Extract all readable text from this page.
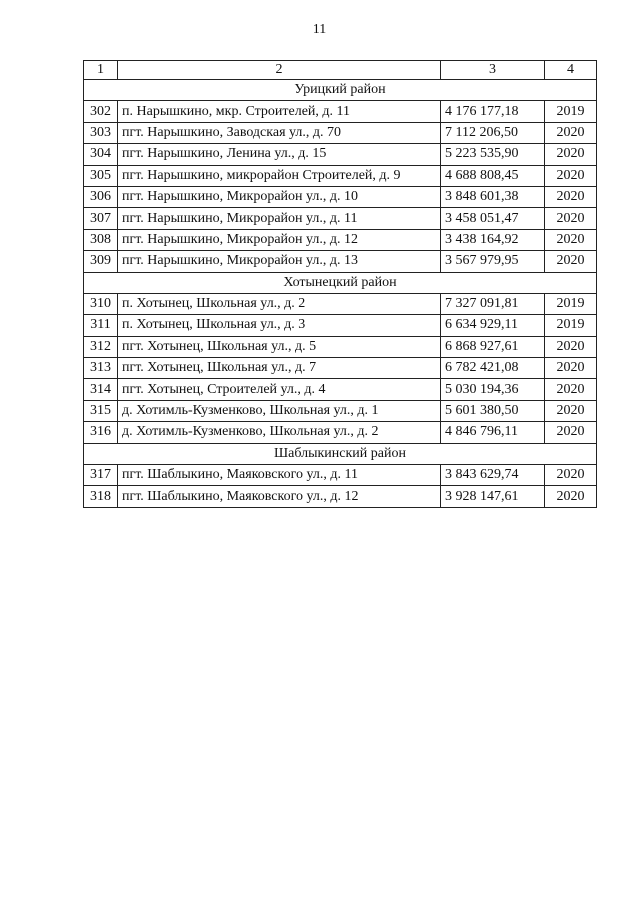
11
1	2	3	4
Урицкий район			
302	п. Нарышкино, мкр. Строителей, д. 11	4 176 177,18	2019
303	пгт. Нарышкино, Заводская ул., д. 70	7 112 206,50	2020
304	пгт. Нарышкино, Ленина ул., д. 15	5 223 535,90	2020
305	пгт. Нарышкино, микрорайон Строителей, д. 9	4 688 808,45	2020
306	пгт. Нарышкино, Микрорайон ул., д. 10	3 848 601,38	2020
307	пгт. Нарышкино, Микрорайон ул., д. 11	3 458 051,47	2020
308	пгт. Нарышкино, Микрорайон ул., д. 12	3 438 164,92	2020
309	пгт. Нарышкино, Микрорайон ул., д. 13	3 567 979,95	2020
Хотынецкий район			
310	п. Хотынец, Школьная ул., д. 2	7 327 091,81	2019
311	п. Хотынец, Школьная ул., д. 3	6 634 929,11	2019
312	пгт. Хотынец, Школьная ул., д. 5	6 868 927,61	2020
313	пгт. Хотынец, Школьная ул., д. 7	6 782 421,08	2020
314	пгт. Хотынец, Строителей ул., д. 4	5 030 194,36	2020
315	д. Хотимль-Кузменково, Школьная ул., д. 1	5 601 380,50	2020
316	д. Хотимль-Кузменково, Школьная ул., д. 2	4 846 796,11	2020
Шаблыкинский район			
317	пгт. Шаблыкино, Маяковского ул., д. 11	3 843 629,74	2020
318	пгт. Шаблыкино, Маяковского ул., д. 12	3 928 147,61	2020
